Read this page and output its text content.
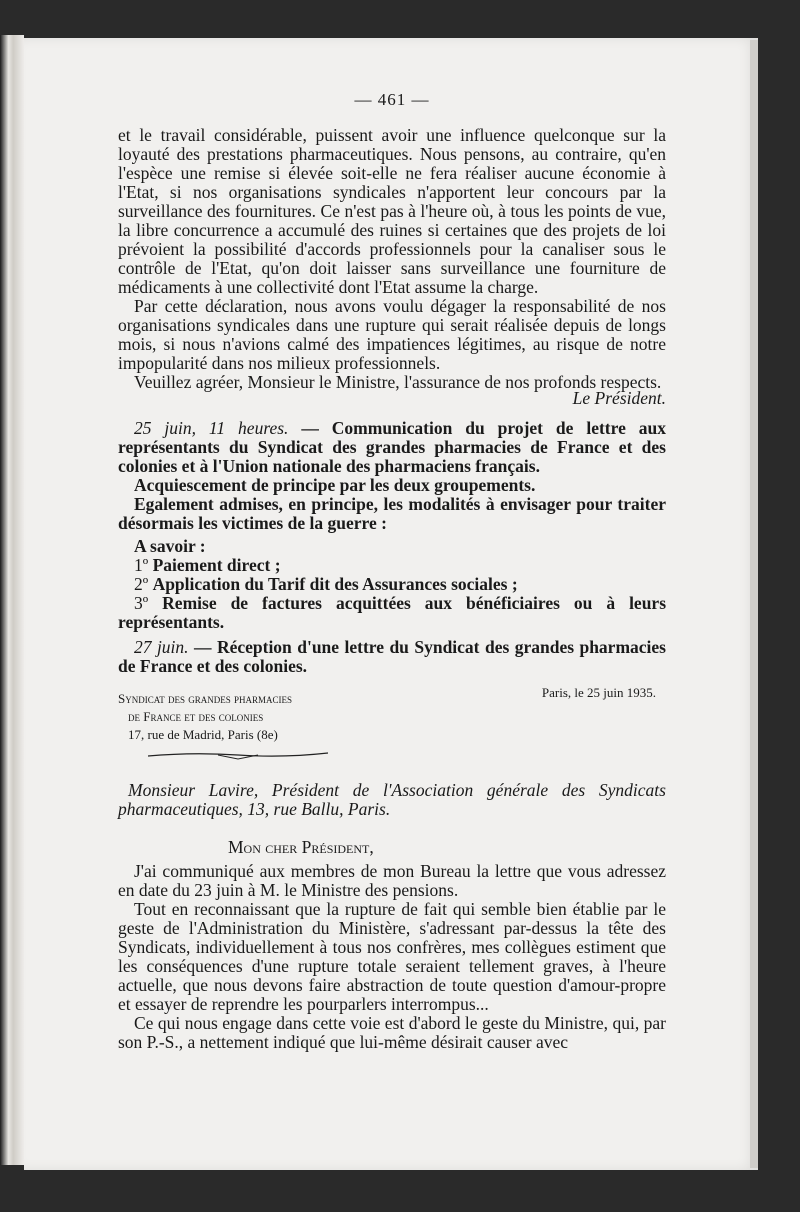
— 461 —

et le travail considérable, puissent avoir une influence quelconque sur la loyauté des prestations pharmaceutiques. Nous pensons, au contraire, qu'en l'espèce une remise si élevée soit-elle ne fera réaliser aucune économie à l'Etat, si nos organisations syndicales n'apportent leur concours par la surveillance des fournitures. Ce n'est pas à l'heure où, à tous les points de vue, la libre concurrence a accumulé des ruines si certaines que des projets de loi prévoient la possibilité d'accords professionnels pour la canaliser sous le contrôle de l'Etat, qu'on doit laisser sans surveillance une fourniture de médicaments à une collectivité dont l'Etat assume la charge.

Par cette déclaration, nous avons voulu dégager la responsabilité de nos organisations syndicales dans une rupture qui serait réalisée depuis de longs mois, si nous n'avions calmé des impatiences légitimes, au risque de notre impopularité dans nos milieux professionnels.

Veuillez agréer, Monsieur le Ministre, l'assurance de nos profonds respects.

Le Président.

25 juin, 11 heures. — Communication du projet de lettre aux représentants du Syndicat des grandes pharmacies de France et des colonies et à l'Union nationale des pharmaciens français.

Acquiescement de principe par les deux groupements.

Egalement admises, en principe, les modalités à envisager pour traiter désormais les victimes de la guerre :

A savoir :

1º Paiement direct ;

2º Application du Tarif dit des Assurances sociales ;

3º Remise de factures acquittées aux bénéficiaires ou à leurs représentants.

27 juin. — Réception d'une lettre du Syndicat des grandes pharmacies de France et des colonies.

Syndicat des grandes pharmacies
de France et des colonies
17, rue de Madrid, Paris (8e)
Paris, le 25 juin 1935.

Monsieur Lavire, Président de l'Association générale des Syndicats pharmaceutiques, 13, rue Ballu, Paris.

Mon cher Président,

J'ai communiqué aux membres de mon Bureau la lettre que vous adressez en date du 23 juin à M. le Ministre des pensions.

Tout en reconnaissant que la rupture de fait qui semble bien établie par le geste de l'Administration du Ministère, s'adressant par-dessus la tête des Syndicats, individuellement à tous nos confrères, mes collègues estiment que les conséquences d'une rupture totale seraient tellement graves, à l'heure actuelle, que nous devons faire abstraction de toute question d'amour-propre et essayer de reprendre les pourparlers interrompus...

Ce qui nous engage dans cette voie est d'abord le geste du Ministre, qui, par son P.-S., a nettement indiqué que lui-même désirait causer avec
